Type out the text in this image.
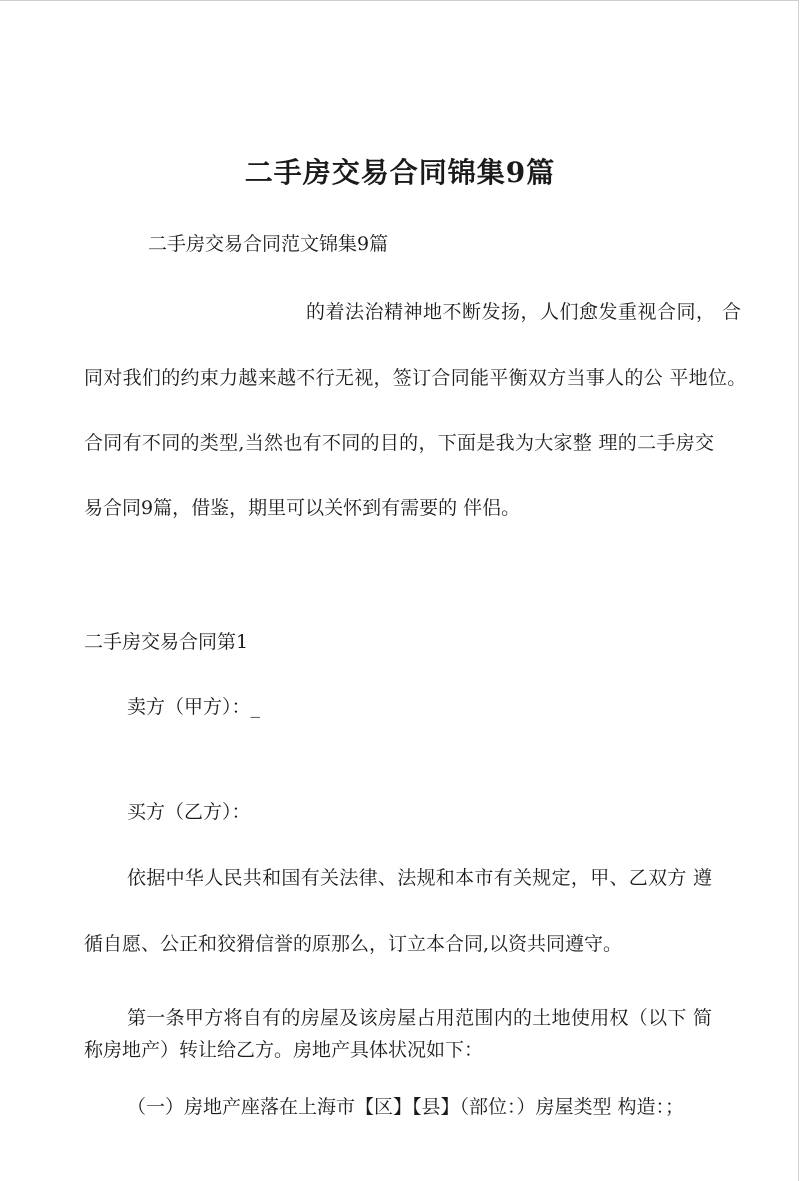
二手房交易合同锦集9篇
二手房交易合同范文锦集9篇
的着法治精神地不断发扬，人们愈发重视合同， 合
同对我们的约束力越来越不行无视，签订合同能平衡双方当事人的公 平地位。
合同有不同的类型,当然也有不同的目的，下面是我为大家整 理的二手房交
易合同9篇，借鉴，期里可以关怀到有需要的 伴侣。
二手房交易合同第1
卖方（甲方）：_
买方（乙方）：
依据中华人民共和国有关法律、法规和本市有关规定，甲、乙双方 遵
循自愿、公正和狡猾信誉的原那么，订立本合同,以资共同遵守。
第一条甲方将自有的房屋及该房屋占用范围内的土地使用权（以下 简
称房地产）转让给乙方。房地产具体状况如下：
（一）房地产座落在上海市【区】【县】（部位：）房屋类型 构造：；
